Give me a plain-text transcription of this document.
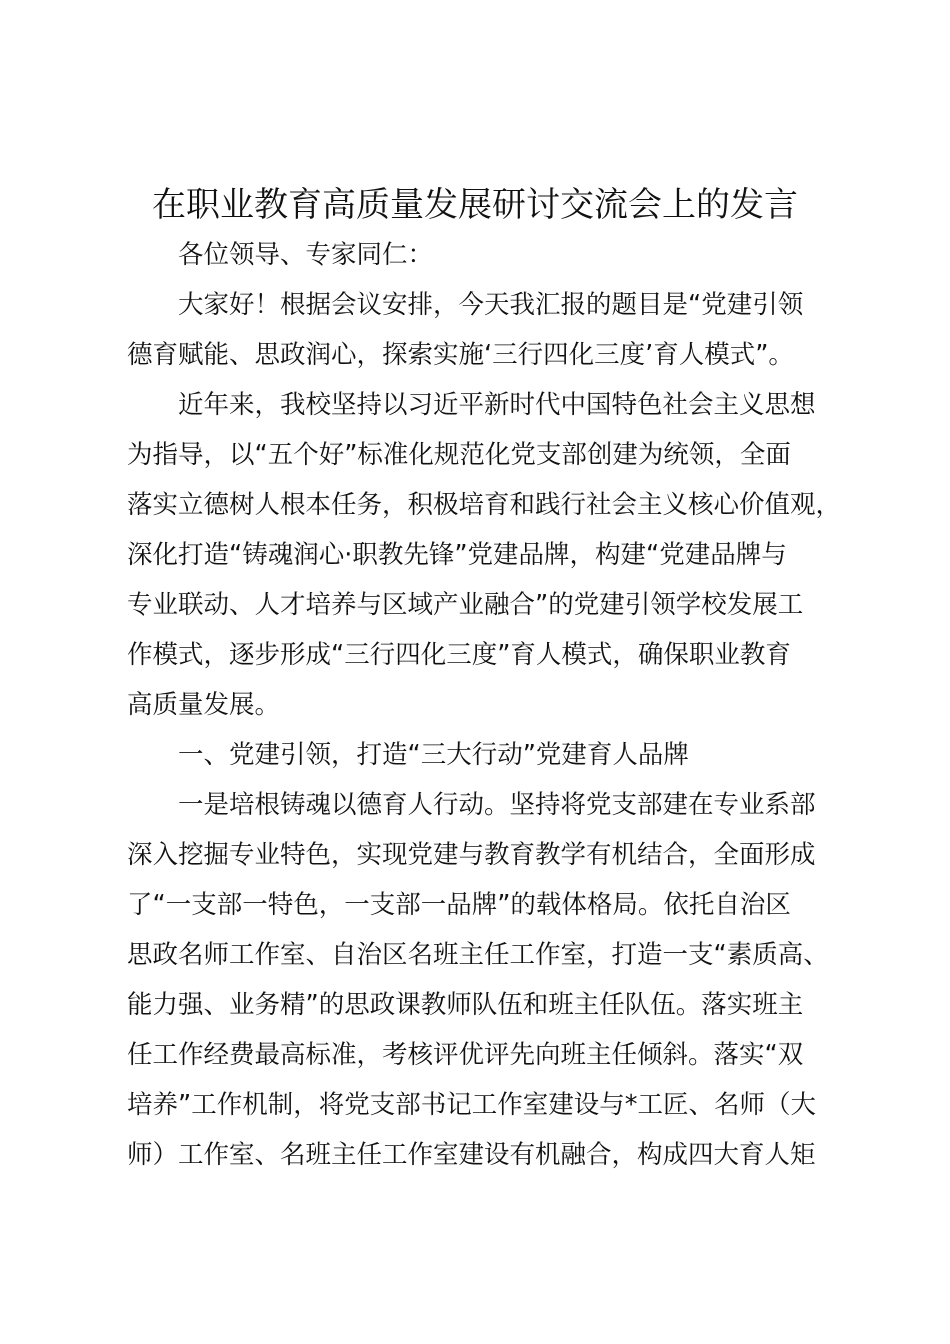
在职业教育高质量发展研讨交流会上的发言
各位领导、专家同仁：
大家好！根据会议安排，今天我汇报的题目是“党建引领
德育赋能、思政润心，探索实施‘三行四化三度’育人模式”。
近年来，我校坚持以习近平新时代中国特色社会主义思想
为指导，以“五个好”标准化规范化党支部创建为统领，全面
落实立德树人根本任务，积极培育和践行社会主义核心价值观，
深化打造“铸魂润心·职教先锋”党建品牌，构建“党建品牌与
专业联动、人才培养与区域产业融合”的党建引领学校发展工
作模式，逐步形成“三行四化三度”育人模式，确保职业教育
高质量发展。
一、党建引领，打造“三大行动”党建育人品牌
一是培根铸魂以德育人行动。坚持将党支部建在专业系部
深入挖掘专业特色，实现党建与教育教学有机结合，全面形成
了“一支部一特色，一支部一品牌”的载体格局。依托自治区
思政名师工作室、自治区名班主任工作室，打造一支“素质高、
能力强、业务精”的思政课教师队伍和班主任队伍。落实班主
任工作经费最高标准，考核评优评先向班主任倾斜。落实“双
培养”工作机制，将党支部书记工作室建设与*工匠、名师（大
师）工作室、名班主任工作室建设有机融合，构成四大育人矩
